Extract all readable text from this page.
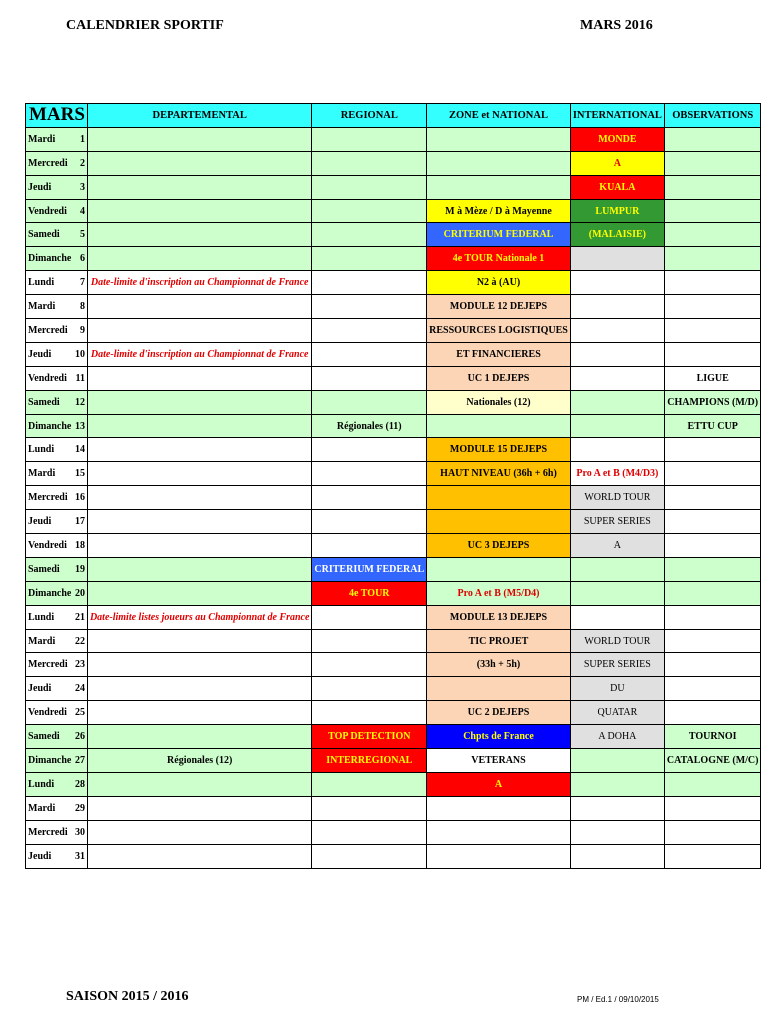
CALENDRIER SPORTIF	MARS 2016
MARS	DEPARTEMENTAL	REGIONAL	ZONE et NATIONAL	INTERNATIONAL	OBSERVATIONS

Mardi 1				MONDE	

Mercredi 2				A	

Jeudi 3				KUALA	

Vendredi 4			M à Mèze / D à Mayenne	LUMPUR	

Samedi 5			CRITERIUM FEDERAL	(MALAISIE)	

Dimanche 6			4e TOUR Nationale 1		

Lundi 7	Date-limite d'inscription au Championnat de France		N2 à (AU)		

Mardi 8			MODULE 12 DEJEPS		

Mercredi 9			RESSOURCES LOGISTIQUES		

Jeudi 10	Date-limite d'inscription au Championnat de France		ET FINANCIERES		

Vendredi 11			UC 1 DEJEPS		LIGUE

Samedi 12			Nationales (12)		CHAMPIONS (M/D)

Dimanche 13		Régionales (11)			ETTU CUP

Lundi 14			MODULE 15 DEJEPS		

Mardi 15			HAUT NIVEAU (36h + 6h)	Pro A et B (M4/D3)	

Mercredi 16				WORLD TOUR	

Jeudi 17				SUPER SERIES	

Vendredi 18			UC 3 DEJEPS	A	

Samedi 19		CRITERIUM FEDERAL			

Dimanche 20		4e TOUR	Pro A et B (M5/D4)		

Lundi 21	Date-limite listes joueurs au Championnat de France		MODULE 13 DEJEPS		

Mardi 22			TIC PROJET	WORLD TOUR	

Mercredi 23			(33h + 5h)	SUPER SERIES	

Jeudi 24				DU	

Vendredi 25			UC 2 DEJEPS	QUATAR	

Samedi 26		TOP DETECTION	Chpts de France	A DOHA	TOURNOI

Dimanche 27	Régionales (12)	INTERREGIONAL	VETERANS		CATALOGNE (M/C)

Lundi 28			A		

Mardi 29					

Mercredi 30					

Jeudi 31					

SAISON 2015 / 2016	PM / Ed.1 / 09/10/2015
